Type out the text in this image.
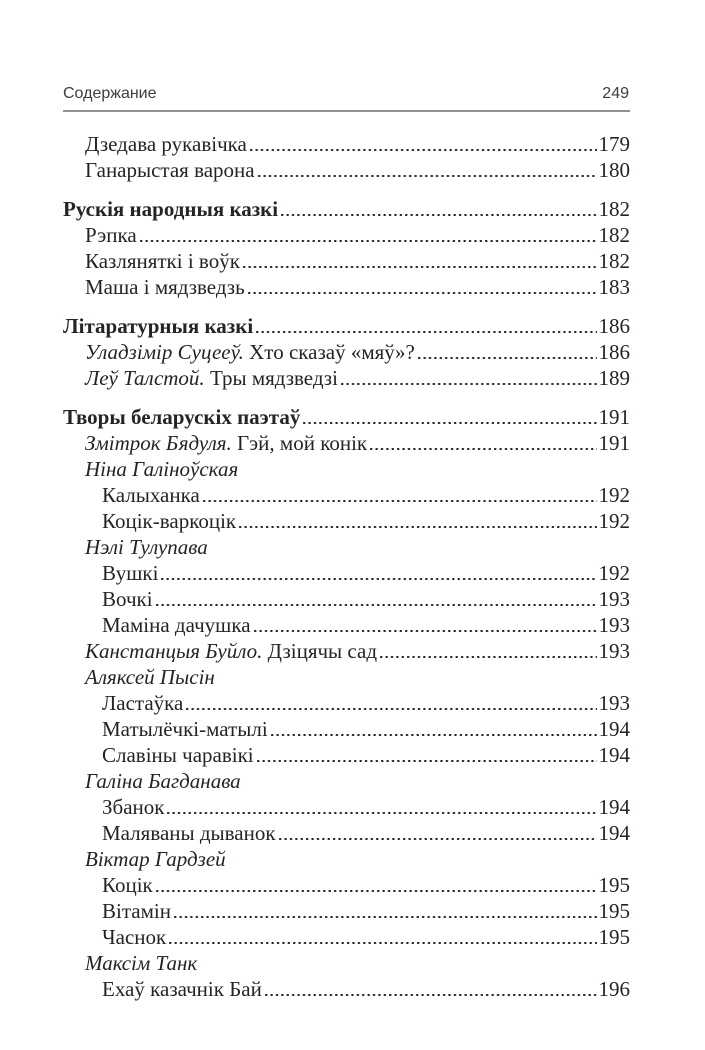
Содержание	249
Дзедава рукавічка	179
Ганарыстая варона	180
Рускія народныя казкі	182
Рэпка	182
Казляняткі і воўк	182
Маша і мядзведзь	183
Літаратурныя казкі	186
Уладзімір Суцееў. Хто сказаў «мяў»?	186
Леў Талстой. Тры мядзведзі	189
Творы беларускіх паэтаў	191
Змітрок Бядуля. Гэй, мой конік	191
Ніна Галіноўская
Калыханка	192
Коцік-варкоцік	192
Нэлі Тулупава
Вушкі	192
Вочкі	193
Маміна дачушка	193
Канстанцыя Буйло. Дзіцячы сад	193
Аляксей Пысін
Ластаўка	193
Матылёчкі-матылі	194
Славіны чаравікі	194
Галіна Багданава
Збанок	194
Маляваны дыванок	194
Віктар Гардзей
Коцік	195
Вітамін	195
Часнок	195
Максім Танк
Ехаў казачнік Бай	196
